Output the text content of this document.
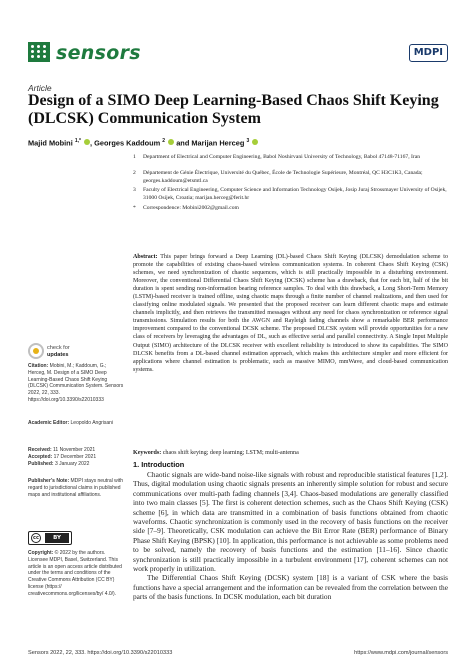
sensors	MDPI
Article
Design of a SIMO Deep Learning-Based Chaos Shift Keying (DLCSK) Communication System
Majid Mobini $^{1,*}$ , Georges Kaddoum $^2$  and Marijan Herceg $^3$
1	Department of Electrical and Computer Engineering, Babol Noshirvani University of Technology, Babol 47148-71167, Iran
2	Département de Génie Électrique, Université du Québec, École de Technologie Supérieure, Montréal, QC H3C1K3, Canada; georges.kaddoum@etsmtl.ca
3	Faculty of Electrical Engineering, Computer Science and Information Technology Osijek, Josip Juraj Strossmayer University of Osijek, 31000 Osijek, Croatia; marijan.herceg@ferit.hr
*	Correspondence: Mobini2002@gmail.com
Abstract: This paper brings forward a Deep Learning (DL)-based Chaos Shift Keying (DLCSK) demodulation scheme to promote the capabilities of existing chaos-based wireless communication systems. In coherent Chaos Shift Keying (CSK) schemes, we need synchronization of chaotic sequences, which is still practically impossible in a disturbing environment. Moreover, the conventional Differential Chaos Shift Keying (DCSK) scheme has a drawback, that for each bit, half of the bit duration is spent sending non-information bearing reference samples. To deal with this drawback, a Long Short-Term Memory (LSTM)-based receiver is trained offline, using chaotic maps through a finite number of channel realizations, and then used for classifying online modulated signals. We presented that the proposed receiver can learn different chaotic maps and estimate channels implicitly, and then retrieves the transmitted messages without any need for chaos synchronization or reference signal transmissions. Simulation results for both the AWGN and Rayleigh fading channels show a remarkable BER performance improvement compared to the conventional DCSK scheme. The proposed DLCSK system will provide opportunities for a new class of receivers by leveraging the advantages of DL, such as effective serial and parallel connectivity. A Single Input Multiple Output (SIMO) architecture of the DLCSK receiver with excellent reliability is introduced to show its capabilities. The SIMO DLCSK benefits from a DL-based channel estimation approach, which makes this architecture simpler and more efficient for applications where channel estimation is problematic, such as massive MIMO, mmWave, and cloud-based communication systems.
Keywords: chaos shift keying; deep learning; LSTM; multi-antenna
check for
updates
Citation: Mobini, M.; Kaddoum, G.; Herceg, M. Design of a SIMO Deep Learning-Based Chaos Shift Keying (DLCSK) Communication System. Sensors 2022, 22, 333. https://doi.org/10.3390/s22010333
Academic Editor: Leopoldo Angrisani
Received: 11 November 2021
Accepted: 17 December 2021
Published: 3 January 2022
Publisher’s Note: MDPI stays neutral with regard to jurisdictional claims in published maps and institutional affiliations.
cc	BY
Copyright: © 2022 by the authors. Licensee MDPI, Basel, Switzerland. This article is an open access article distributed under the terms and conditions of the Creative Commons Attribution (CC BY) license (https:// creativecommons.org/licenses/by/ 4.0/).
1. Introduction

Chaotic signals are wide-band noise-like signals with robust and reproducible statistical features [1,2]. Thus, digital modulation using chaotic signals presents an inherently simple solution for robust and secure communications over multi-path fading channels [3,4]. Chaos-based modulations are generally classified into two main classes [5]. The first is coherent detection schemes, such as the Chaos Shift Keying (CSK) scheme [6], in which data are transmitted in a combination of basis functions obtained from chaotic waveforms. Chaotic synchronization is commonly used in the recovery of basis functions on the receiver side [7–9]. Theoretically, CSK modulation can achieve the Bit Error Rate (BER) performance of Binary Phase Shift Keying (BPSK) [10]. In application, this performance is not achievable as some problems need to be solved, namely the recovery of basis functions and the estimation [11–16]. Since chaotic synchronization is still practically impossible in a turbulent environment [17], coherent schemes can not work properly in utilization.

The Differential Chaos Shift Keying (DCSK) system [18] is a variant of CSK where the basis functions have a special arrangement and the information can be revealed from the correlation between the parts of the basis functions. In DCSK modulation, each bit duration

Sensors 2022, 22, 333. https://doi.org/10.3390/s22010333	https://www.mdpi.com/journal/sensors
